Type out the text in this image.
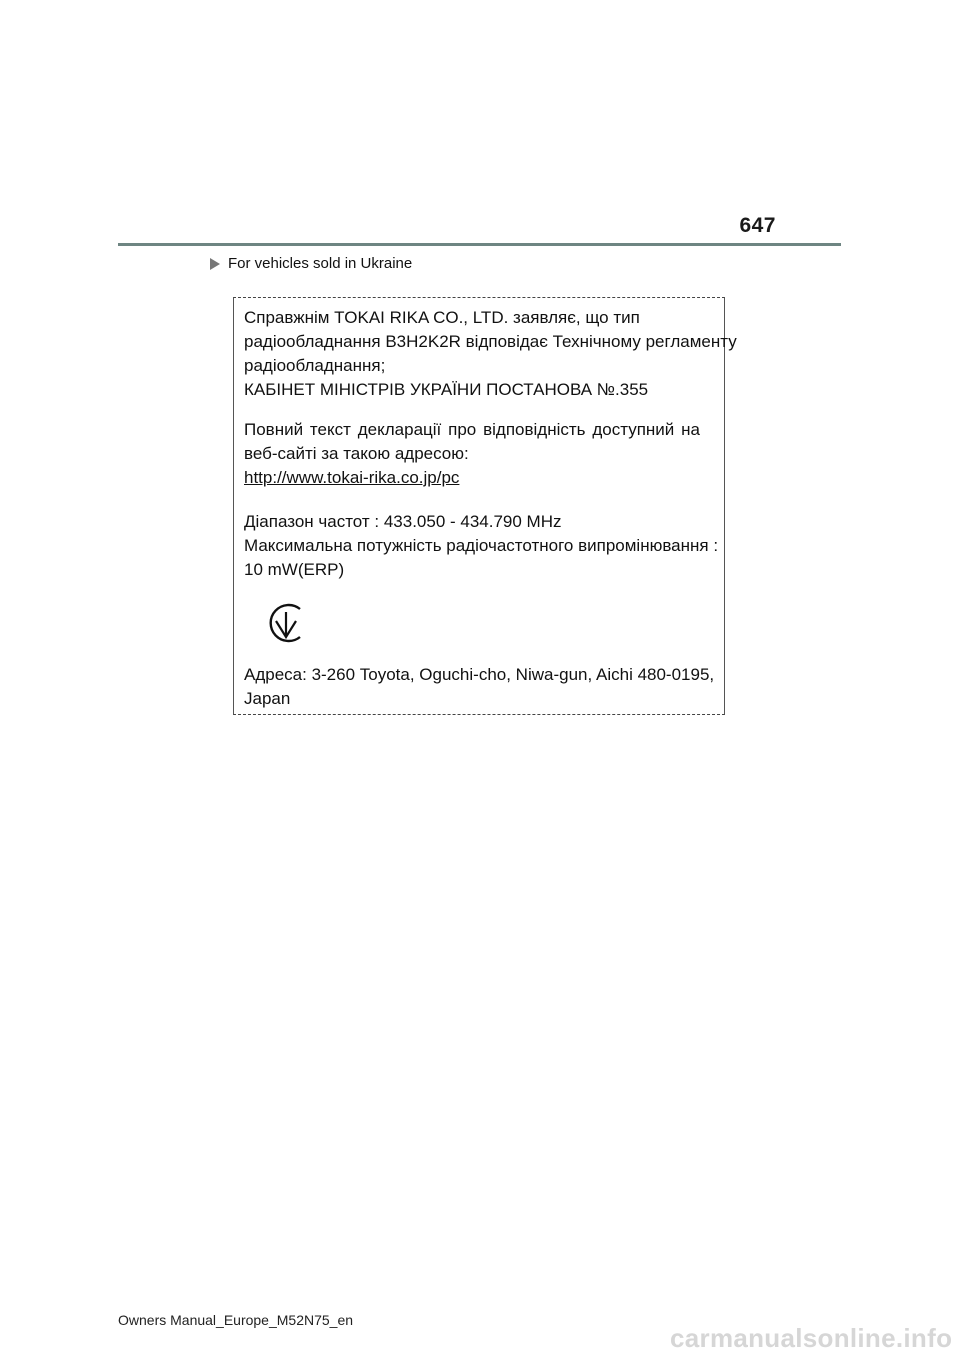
647
For vehicles sold in Ukraine
Справжнім TOKAI RIKA CO., LTD. заявляє, що тип
радіообладнання B3H2K2R відповідає Технічному регламенту
радіообладнання;
КАБІНЕТ МІНІСТРІВ УКРАЇНИ ПОСТАНОВА №.355
Повний текст декларації про відповідність доступний на
веб-сайті за такою адресою:
http://www.tokai-rika.co.jp/pc
Діапазон частот : 433.050 - 434.790 MHz
Максимальна потужність радіочастотного випромінювання :
10 mW(ERP)
Адреса: 3-260 Toyota, Oguchi-cho, Niwa-gun, Aichi 480-0195,
Japan
Owners Manual_Europe_M52N75_en
carmanualsonline.info
